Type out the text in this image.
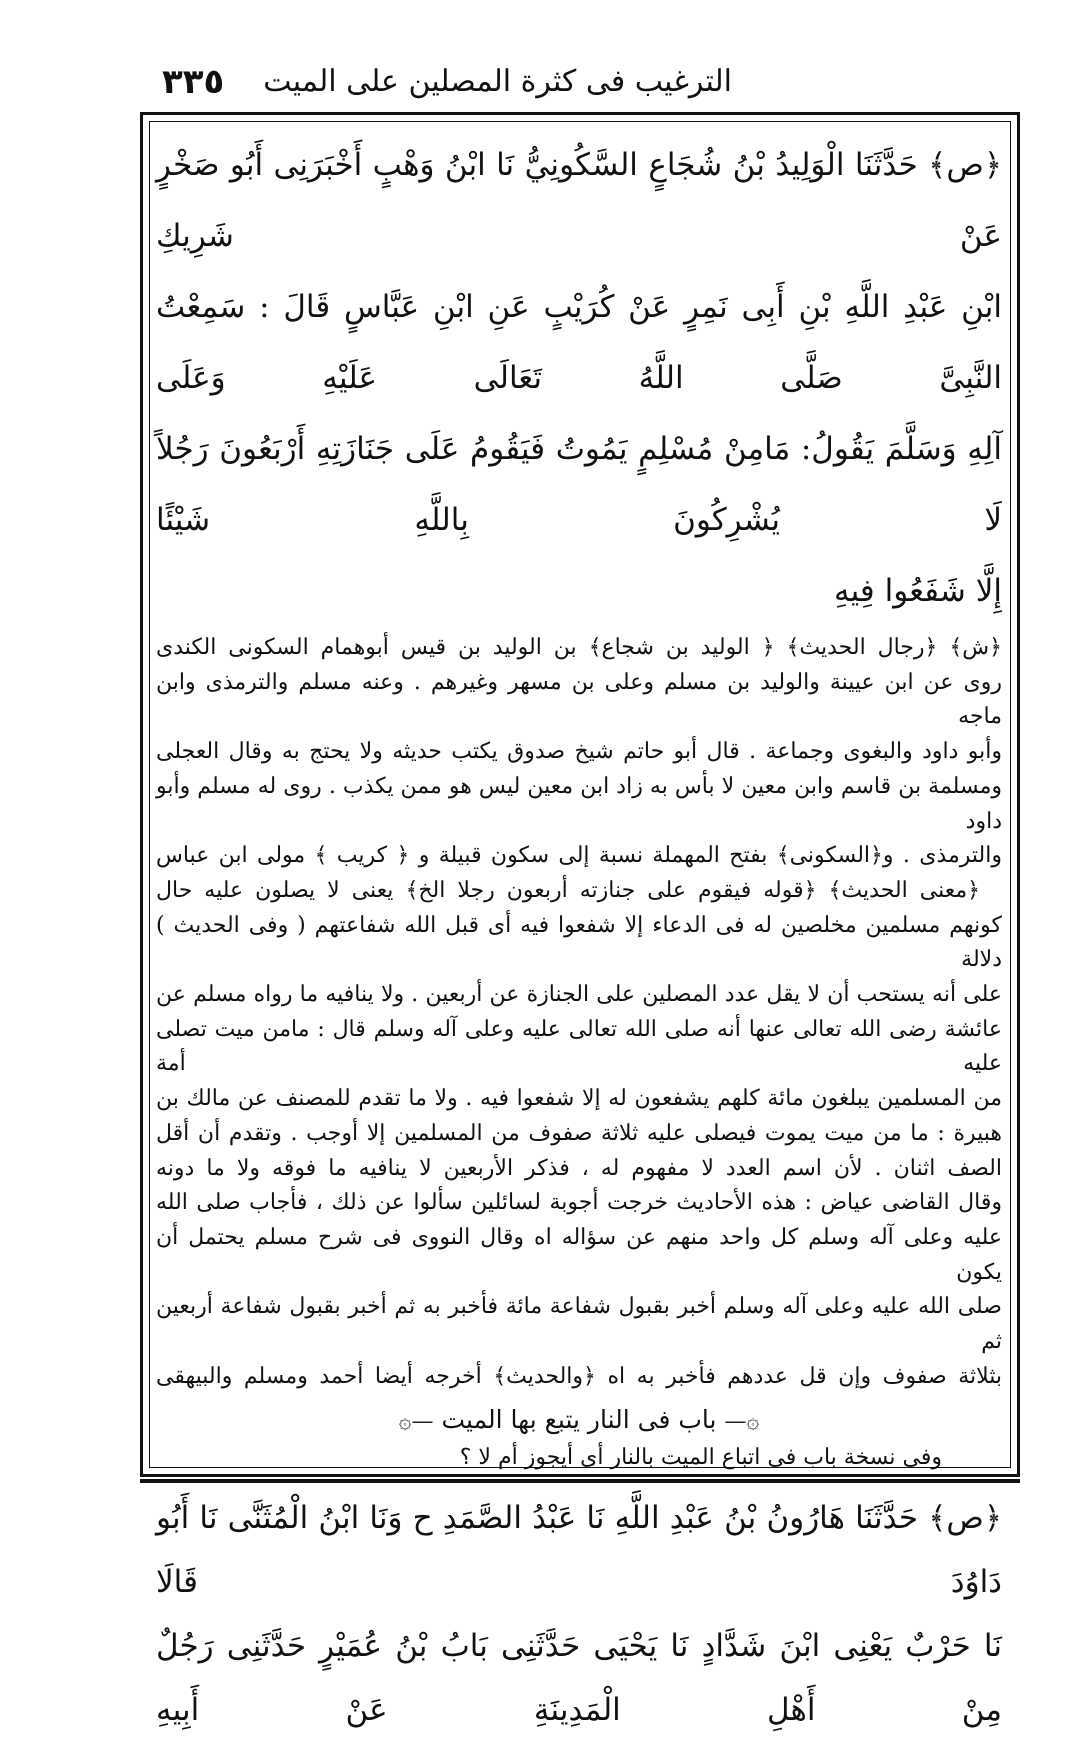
٣٣٥ الترغيب فى كثرة المصلين على الميت

﴿ص﴾ حَدَّثَنَا الْوَلِيدُ بْنُ شُجَاعٍ السَّكُونِيُّ نَا ابْنُ وَهْبٍ أَخْبَرَنِى أَبُو صَخْرٍ عَنْ شَرِيكِ

ابْنِ عَبْدِ اللَّهِ بْنِ أَبِى نَمِرٍ عَنْ كُرَيْبٍ عَنِ ابْنِ عَبَّاسٍ قَالَ : سَمِعْتُ النَّبِىَّ صَلَّى اللَّهُ تَعَالَى عَلَيْهِ وَعَلَى

آلِهِ وَسَلَّمَ يَقُولُ: مَامِنْ مُسْلِمٍ يَمُوتُ فَيَقُومُ عَلَى جَنَازَتِهِ أَرْبَعُونَ رَجُلاً لَا يُشْرِكُونَ بِاللَّهِ شَيْئًا

إِلَّا شَفَعُوا فِيهِ

﴿ش﴾ ﴿رجال الحديث﴾ ﴿ الوليد بن شجاع﴾ بن الوليد بن قيس أبوهمام السكونى الكندى

روى عن ابن عيينة والوليد بن مسلم وعلى بن مسهر وغيرهم . وعنه مسلم والترمذى وابن ماجه

وأبو داود والبغوى وجماعة . قال أبو حاتم شيخ صدوق يكتب حديثه ولا يحتج به وقال العجلى

ومسلمة بن قاسم وابن معين لا بأس به زاد ابن معين ليس هو ممن يكذب . روى له مسلم وأبو داود

والترمذى . و﴿السكونى﴾ بفتح المهملة نسبة إلى سكون قبيلة و ﴿ كريب ﴾ مولى ابن عباس

﴿معنى الحديث﴾ ﴿قوله فيقوم على جنازته أربعون رجلا الخ﴾ يعنى لا يصلون عليه حال

كونهم مسلمين مخلصين له فى الدعاء إلا شفعوا فيه أى قبل الله شفاعتهم ( وفى الحديث ) دلالة

على أنه يستحب أن لا يقل عدد المصلين على الجنازة عن أربعين . ولا ينافيه ما رواه مسلم عن

عائشة رضى الله تعالى عنها أنه صلى الله تعالى عليه وعلى آله وسلم قال : مامن ميت تصلى عليه أمة

من المسلمين يبلغون مائة كلهم يشفعون له إلا شفعوا فيه . ولا ما تقدم للمصنف عن مالك بن

هبيرة : ما من ميت يموت فيصلى عليه ثلاثة صفوف من المسلمين إلا أوجب . وتقدم أن أقل

الصف اثنان . لأن اسم العدد لا مفهوم له ، فذكر الأربعين لا ينافيه ما فوقه ولا ما دونه

وقال القاضى عياض : هذه الأحاديث خرجت أجوبة لسائلين سألوا عن ذلك ، فأجاب صلى الله

عليه وعلى آله وسلم كل واحد منهم عن سؤاله اه وقال النووى فى شرح مسلم يحتمل أن يكون

صلى الله عليه وعلى آله وسلم أخبر بقبول شفاعة مائة فأخبر به ثم أخبر بقبول شفاعة أربعين ثم

بثلاثة صفوف وإن قل عددهم فأخبر به اه ﴿والحديث﴾ أخرجه أيضا أحمد ومسلم والبيهقى

۞— باب فى النار يتبع بها الميت —۞

وفى نسخة باب فى اتباع الميت بالنار أى أيجوز أم لا ؟

﴿ص﴾ حَدَّثَنَا هَارُونُ بْنُ عَبْدِ اللَّهِ نَا عَبْدُ الصَّمَدِ ح وَنَا ابْنُ الْمُثَنَّى نَا أَبُو دَاوُدَ قَالَا

نَا حَرْبٌ يَعْنِى ابْنَ شَدَّادٍ نَا يَحْيَى حَدَّثَنِى بَابُ بْنُ عُمَيْرٍ حَدَّثَنِى رَجُلٌ مِنْ أَهْلِ الْمَدِينَةِ عَنْ أَبِيهِ
